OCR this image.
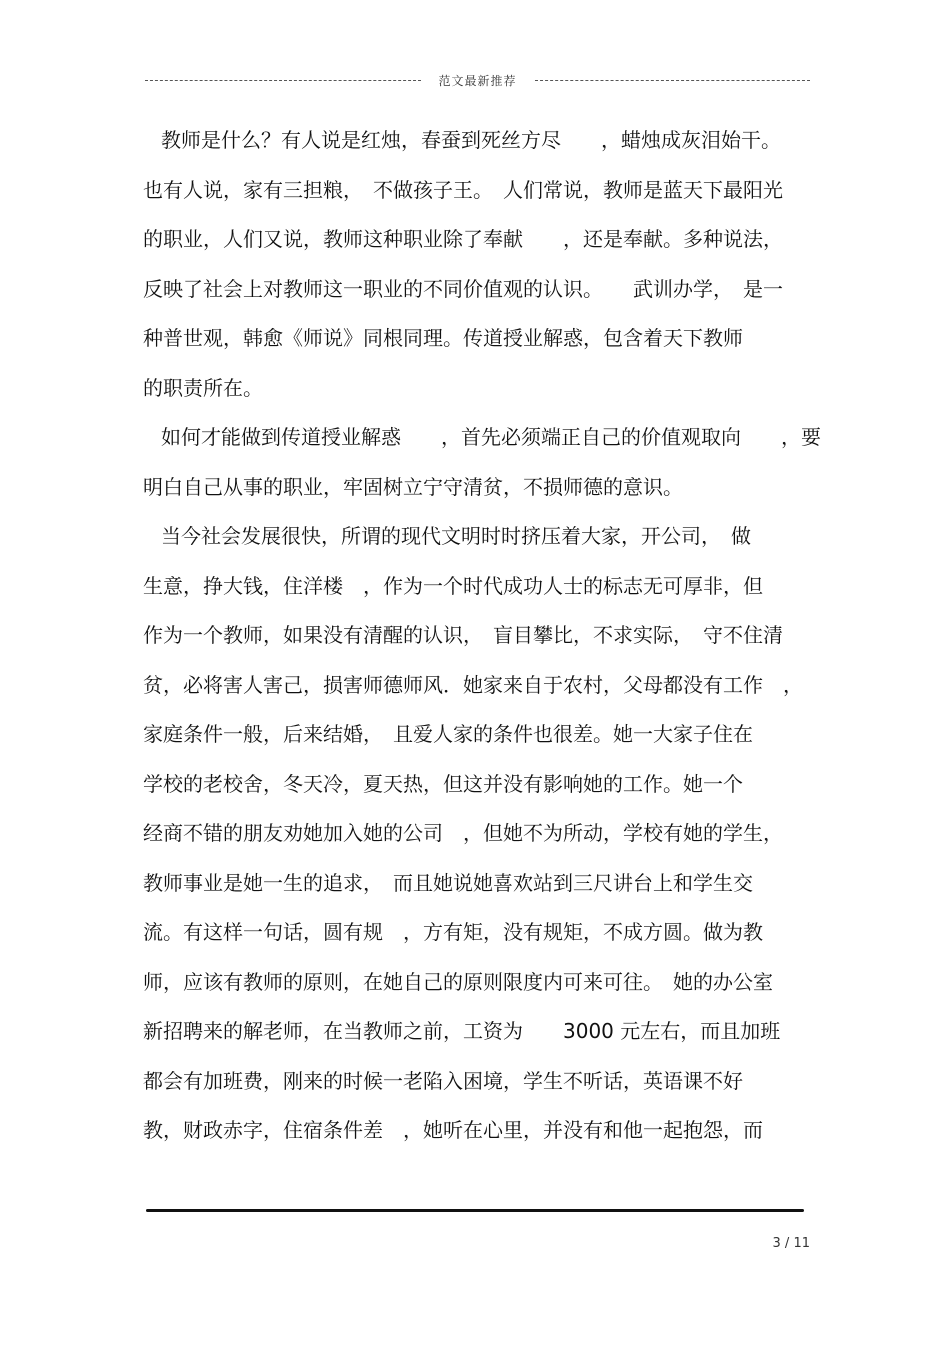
范文最新推荐
教师是什么？有人说是红烛，春蚕到死丝方尽　　，蜡烛成灰泪始干。
也有人说，家有三担粮，　不做孩子王。　人们常说，教师是蓝天下最阳光
的职业，人们又说，教师这种职业除了奉献　　，还是奉献。多种说法，
反映了社会上对教师这一职业的不同价值观的认识。　　武训办学，　是一
种普世观，韩愈《师说》同根同理。传道授业解惑，包含着天下教师
的职责所在。
如何才能做到传道授业解惑　　，首先必须端正自己的价值观取向　　，要
明白自己从事的职业，牢固树立宁守清贫，不损师德的意识。
当今社会发展很快，所谓的现代文明时时挤压着大家，开公司，　做
生意，挣大钱，住洋楼　，作为一个时代成功人士的标志无可厚非，但
作为一个教师，如果没有清醒的认识，　盲目攀比，不求实际，　守不住清
贫，必将害人害己，损害师德师风．她家来自于农村，父母都没有工作　，
家庭条件一般，后来结婚，　且爱人家的条件也很差。她一大家子住在
学校的老校舍，冬天冷，夏天热，但这并没有影响她的工作。她一个
经商不错的朋友劝她加入她的公司　，但她不为所动，学校有她的学生，
教师事业是她一生的追求，　而且她说她喜欢站到三尺讲台上和学生交
流。有这样一句话，圆有规　，方有矩，没有规矩，不成方圆。做为教
师，应该有教师的原则，在她自己的原则限度内可来可往。　她的办公室
新招聘来的解老师，在当教师之前，工资为　　3000 元左右，而且加班
都会有加班费，刚来的时候一老陷入困境，学生不听话，英语课不好
教，财政赤字，住宿条件差　，她听在心里，并没有和他一起抱怨，而
3 / 11
